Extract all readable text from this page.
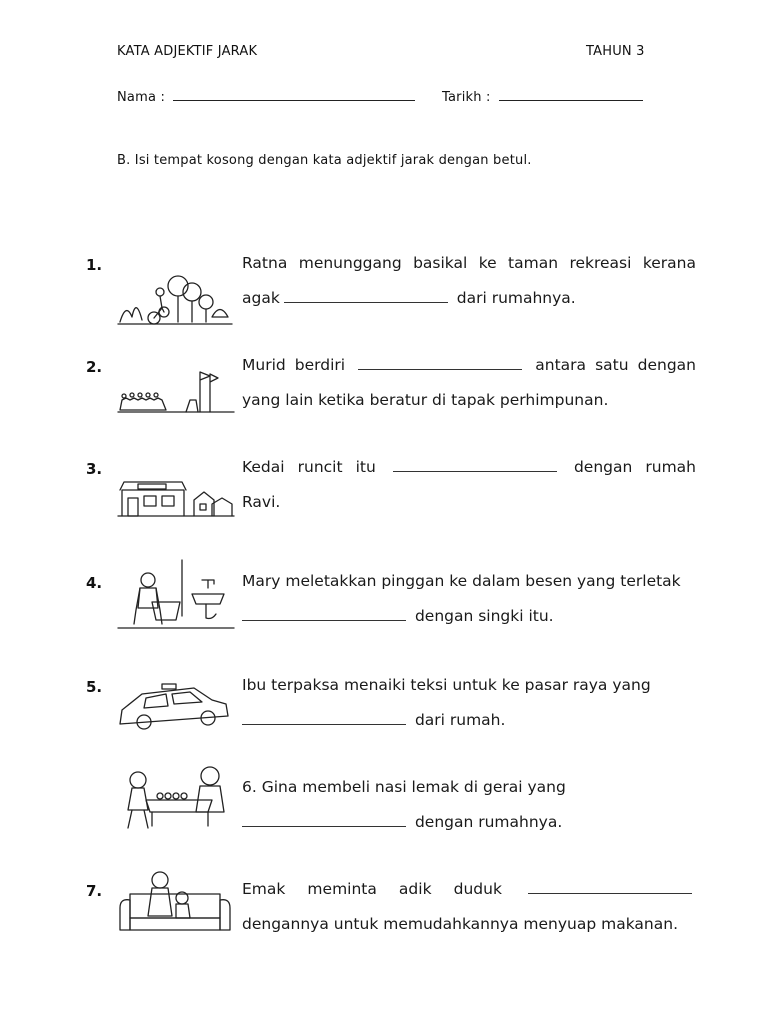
KATA ADJEKTIF JARAK	TAHUN 3
Nama :	Tarikh :
B. Isi tempat kosong dengan kata adjektif jarak dengan betul.
1.	Ratna menunggang basikal ke taman rekreasi kerana agak	dari rumahnya.
2.	Murid berdiri	antara satu dengan yang lain ketika beratur di tapak perhimpunan.
3.	Kedai runcit itu	dengan rumah Ravi.
4.	Mary meletakkan pinggan ke dalam besen yang terletak
dengan singki itu.
5.	Ibu terpaksa menaiki teksi untuk ke pasar raya yang
dari rumah.
6. Gina membeli nasi lemak di gerai yang
dengan rumahnya.
7.	Emak meminta adik duduk  dengannya untuk memudahkannya menyuap makanan.
